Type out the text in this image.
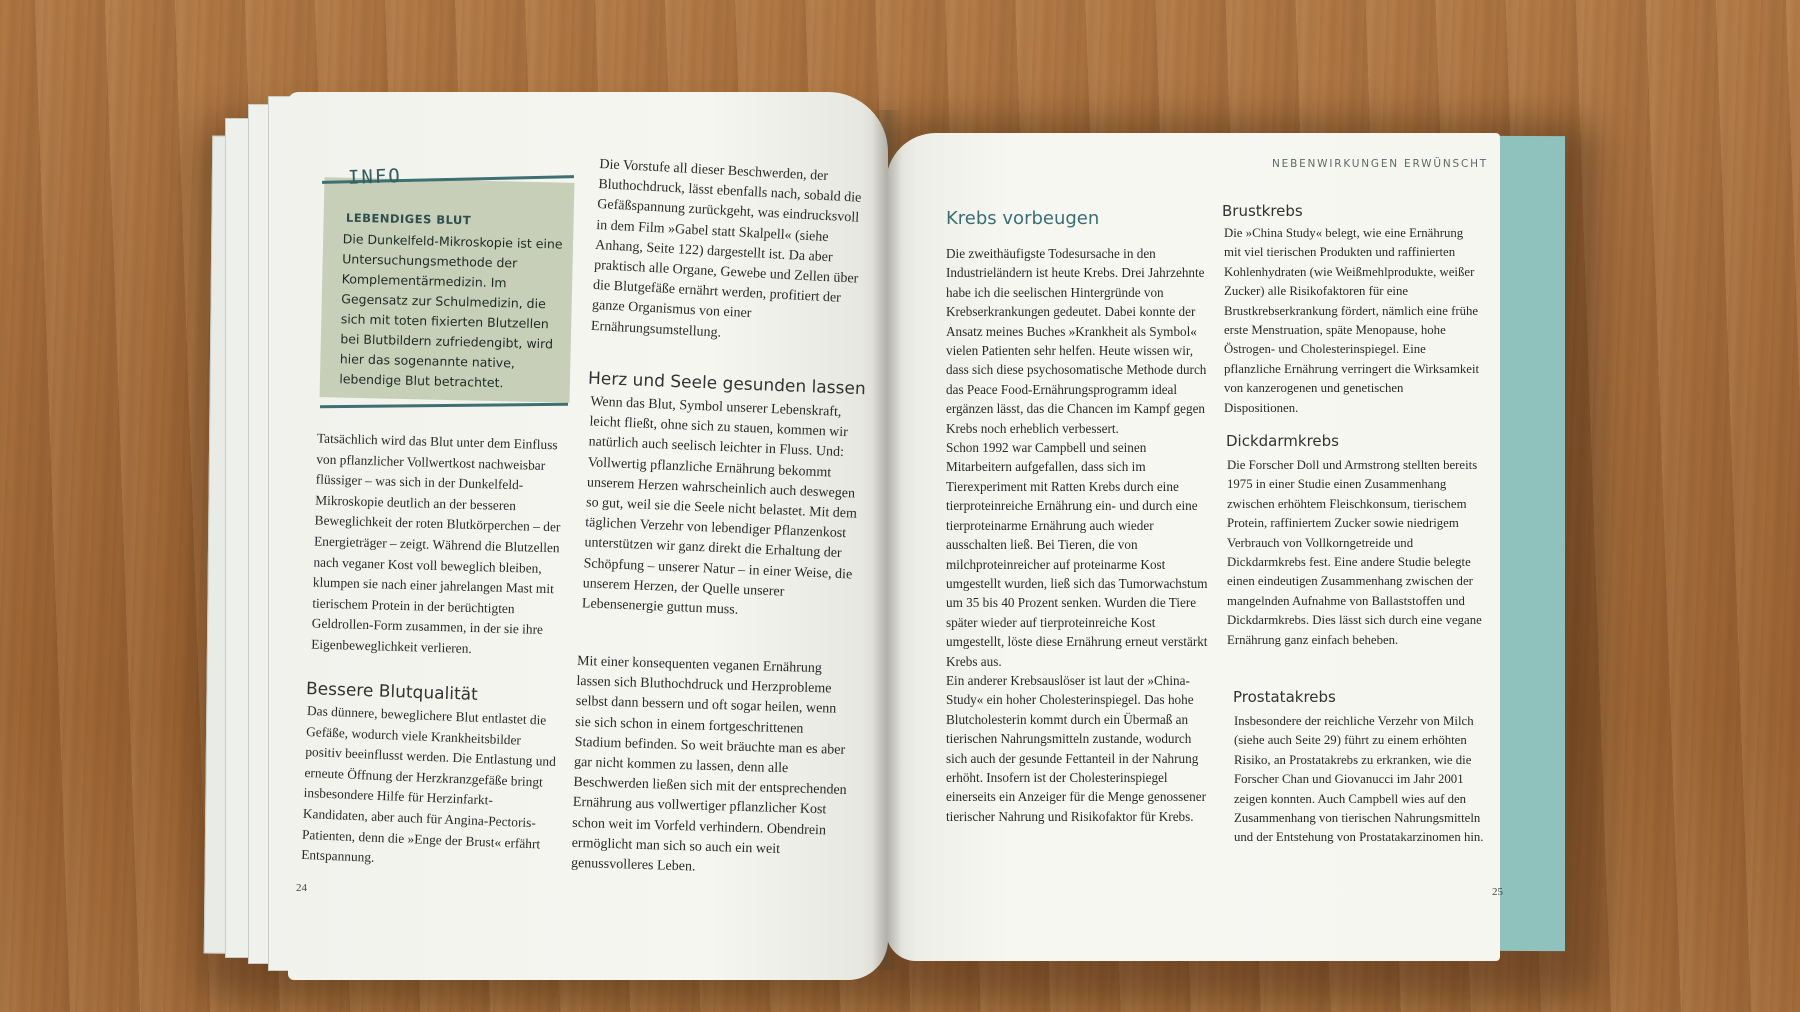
INFO
LEBENDIGES BLUT
Die Dunkelfeld-Mikroskopie ist eine Untersuchungsmethode der Komplementärmedizin. Im Gegensatz zur Schulmedizin, die sich mit toten fixierten Blutzellen bei Blutbildern zufriedengibt, wird hier das sogenannte native, lebendige Blut betrachtet.

Tatsächlich wird das Blut unter dem Einfluss von pflanzlicher Vollwertkost nachweisbar flüssiger – was sich in der Dunkelfeld-Mikroskopie deutlich an der besseren Beweglichkeit der roten Blutkörperchen – der Energieträger – zeigt. Während die Blutzellen nach veganer Kost voll beweglich bleiben, klumpen sie nach einer jahrelangen Mast mit tierischem Protein in der berüchtigten Geldrollen-Form zusammen, in der sie ihre Eigenbeweglichkeit verlieren.

Bessere Blutqualität

Das dünnere, beweglichere Blut entlastet die Gefäße, wodurch viele Krankheitsbilder positiv beeinflusst werden. Die Entlastung und erneute Öffnung der Herzkranzgefäße bringt insbesondere Hilfe für Herzinfarkt-Kandidaten, aber auch für Angina-Pectoris-Patienten, denn die »Enge der Brust« erfährt Entspannung.

Die Vorstufe all dieser Beschwerden, der Bluthochdruck, lässt ebenfalls nach, sobald die Gefäßspannung zurückgeht, was eindrucksvoll in dem Film »Gabel statt Skalpell« (siehe Anhang, Seite 122) dargestellt ist. Da aber praktisch alle Organe, Gewebe und Zellen über die Blutgefäße ernährt werden, profitiert der ganze Organismus von einer Ernährungsumstellung.

Herz und Seele gesunden lassen

Wenn das Blut, Symbol unserer Lebenskraft, leicht fließt, ohne sich zu stauen, kommen wir natürlich auch seelisch leichter in Fluss. Und: Vollwertig pflanzliche Ernährung bekommt unserem Herzen wahrscheinlich auch deswegen so gut, weil sie die Seele nicht belastet. Mit dem täglichen Verzehr von lebendiger Pflanzenkost unterstützen wir ganz direkt die Erhaltung der Schöpfung – unserer Natur – in einer Weise, die unserem Herzen, der Quelle unserer Lebensenergie guttun muss.

Mit einer konsequenten veganen Ernährung lassen sich Bluthochdruck und Herzprobleme selbst dann bessern und oft sogar heilen, wenn sie sich schon in einem fortgeschrittenen Stadium befinden. So weit bräuchte man es aber gar nicht kommen zu lassen, denn alle Beschwerden ließen sich mit der entsprechenden Ernährung aus vollwertiger pflanzlicher Kost schon weit im Vorfeld verhindern. Obendrein ermöglicht man sich so auch ein weit genussvolleres Leben.

24
NEBENWIRKUNGEN ERWÜNSCHT
Krebs vorbeugen

Die zweithäufigste Todesursache in den Industrieländern ist heute Krebs. Drei Jahrzehnte habe ich die seelischen Hintergründe von Krebserkrankungen gedeutet. Dabei konnte der Ansatz meines Buches »Krankheit als Symbol« vielen Patienten sehr helfen. Heute wissen wir, dass sich diese psychosomatische Methode durch das Peace Food-Ernährungsprogramm ideal ergänzen lässt, das die Chancen im Kampf gegen Krebs noch erheblich verbessert.

Schon 1992 war Campbell und seinen Mitarbeitern aufgefallen, dass sich im Tierexperiment mit Ratten Krebs durch eine tierproteinreiche Ernährung ein- und durch eine tierproteinarme Ernährung auch wieder ausschalten ließ. Bei Tieren, die von milchproteinreicher auf proteinarme Kost umgestellt wurden, ließ sich das Tumorwachstum um 35 bis 40 Prozent senken. Wurden die Tiere später wieder auf tierproteinreiche Kost umgestellt, löste diese Ernährung erneut verstärkt Krebs aus.

Ein anderer Krebsauslöser ist laut der »China-Study« ein hoher Cholesterinspiegel. Das hohe Blutcholesterin kommt durch ein Übermaß an tierischen Nahrungsmitteln zustande, wodurch sich auch der gesunde Fettanteil in der Nahrung erhöht. Insofern ist der Cholesterinspiegel einerseits ein Anzeiger für die Menge genossener tierischer Nahrung und Risikofaktor für Krebs.

Brustkrebs

Die »China Study« belegt, wie eine Ernährung mit viel tierischen Produkten und raffinierten Kohlenhydraten (wie Weißmehlprodukte, weißer Zucker) alle Risikofaktoren für eine Brustkrebserkrankung fördert, nämlich eine frühe erste Menstruation, späte Menopause, hohe Östrogen- und Cholesterinspiegel. Eine pflanzliche Ernährung verringert die Wirksamkeit von kanzerogenen und genetischen Dispositionen.

Dickdarmkrebs

Die Forscher Doll und Armstrong stellten bereits 1975 in einer Studie einen Zusammenhang zwischen erhöhtem Fleischkonsum, tierischem Protein, raffiniertem Zucker sowie niedrigem Verbrauch von Vollkorngetreide und Dickdarmkrebs fest. Eine andere Studie belegte einen eindeutigen Zusammenhang zwischen der mangelnden Aufnahme von Ballaststoffen und Dickdarmkrebs. Dies lässt sich durch eine vegane Ernährung ganz einfach beheben.

Prostatakrebs

Insbesondere der reichliche Verzehr von Milch (siehe auch Seite 29) führt zu einem erhöhten Risiko, an Prostatakrebs zu erkranken, wie die Forscher Chan und Giovanucci im Jahr 2001 zeigen konnten. Auch Campbell wies auf den Zusammenhang von tierischen Nahrungsmitteln und der Entstehung von Prostatakarzinomen hin.

25
